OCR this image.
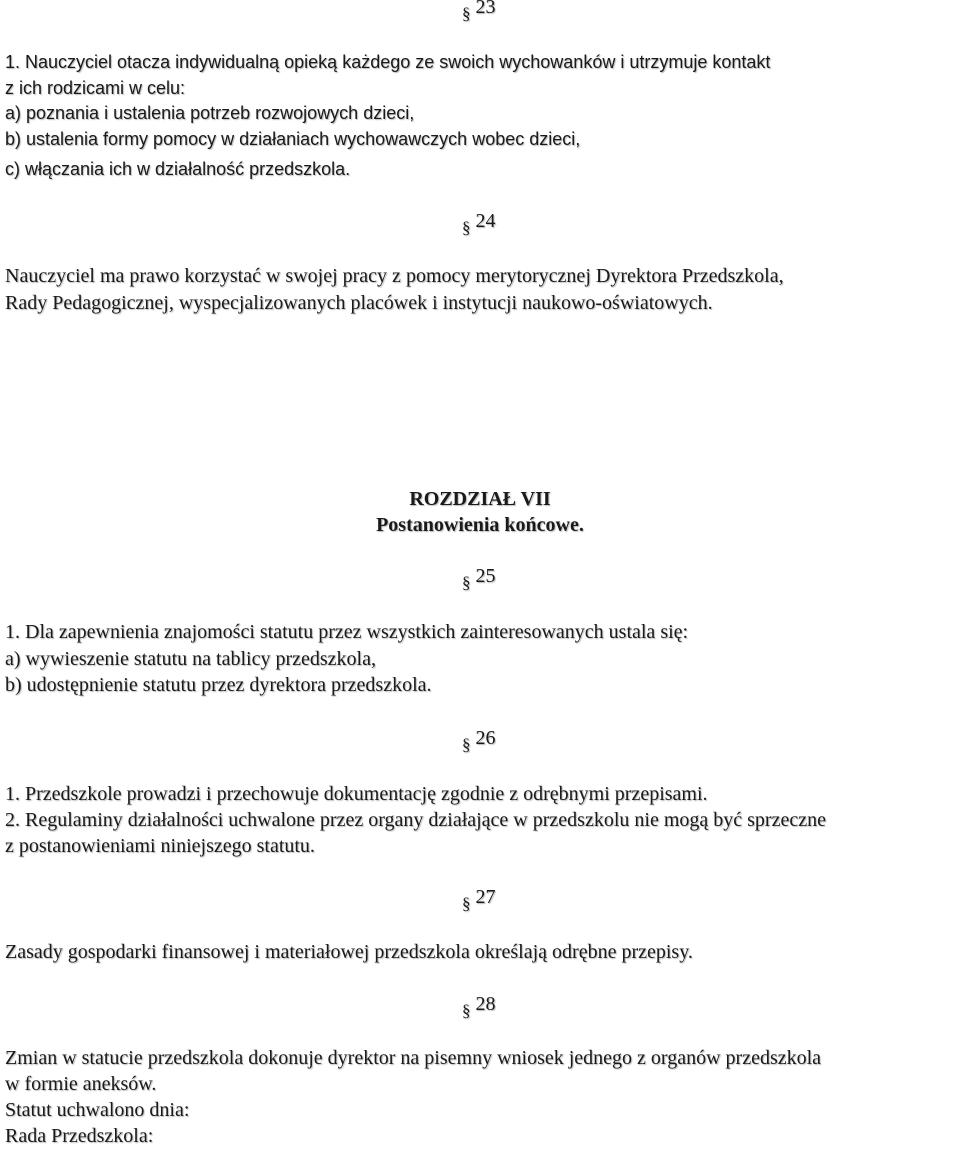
§ 23
1. Nauczyciel otacza indywidualną opieką każdego ze swoich wychowanków i utrzymuje kontakt
z ich rodzicami w celu:
a) poznania i ustalenia potrzeb rozwojowych dzieci,
b) ustalenia formy pomocy w działaniach wychowawczych wobec dzieci,
c) włączania ich w działalność przedszkola.
§ 24
Nauczyciel ma prawo korzystać w swojej pracy z pomocy merytorycznej Dyrektora Przedszkola,
Rady Pedagogicznej, wyspecjalizowanych placówek i instytucji naukowo-oświatowych.
ROZDZIAŁ VII
Postanowienia końcowe.
§ 25
1. Dla zapewnienia znajomości statutu przez wszystkich zainteresowanych ustala się:
a) wywieszenie statutu na tablicy przedszkola,
b) udostępnienie statutu przez dyrektora przedszkola.
§ 26
1. Przedszkole prowadzi i przechowuje dokumentację zgodnie z odrębnymi przepisami.
2. Regulaminy działalności uchwalone przez organy działające w przedszkolu nie mogą być sprzeczne
z postanowieniami niniejszego statutu.
§ 27
Zasady gospodarki finansowej i materiałowej przedszkola określają odrębne przepisy.
§ 28
Zmian w statucie przedszkola dokonuje dyrektor na pisemny wniosek jednego z organów przedszkola
w formie aneksów.
Statut uchwalono dnia:
Rada Przedszkola:
